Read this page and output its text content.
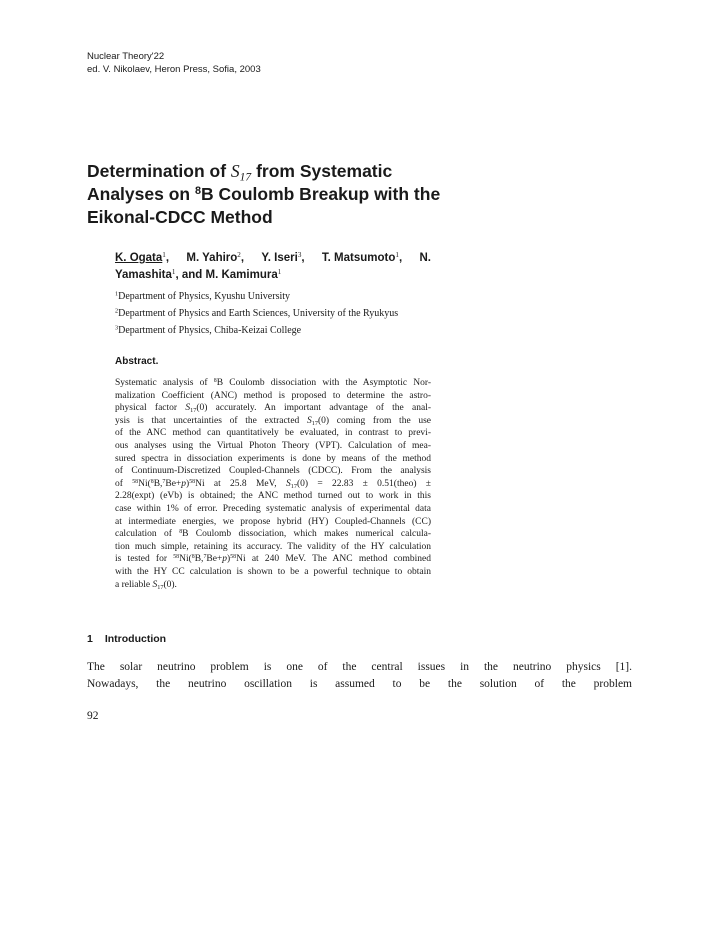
Nuclear Theory'22
ed. V. Nikolaev, Heron Press, Sofia, 2003
Determination of $S_{17}$ from Systematic
Analyses on $^8$B Coulomb Breakup with the
Eikonal-CDCC Method
K. Ogata$^1$, M. Yahiro$^2$, Y. Iseri$^3$, T. Matsumoto$^1$, N.
Yamashita$^1$, and M. Kamimura$^1$
$^1$Department of Physics, Kyushu University
$^2$Department of Physics and Earth Sciences, University of the Ryukyus
$^3$Department of Physics, Chiba-Keizai College
Abstract.
Systematic analysis of $^8$B Coulomb dissociation with the Asymptotic Nor-
malization Coefficient (ANC) method is proposed to determine the astro-
physical factor $S_{17}(0)$ accurately. An important advantage of the anal-
ysis is that uncertainties of the extracted $S_{17}(0)$ coming from the use
of the ANC method can quantitatively be evaluated, in contrast to previ-
ous analyses using the Virtual Photon Theory (VPT). Calculation of mea-
sured spectra in dissociation experiments is done by means of the method
of Continuum-Discretized Coupled-Channels (CDCC). From the analysis
of $^{58}Ni(^8B,^7Be+p)^{58}Ni$ at 25.8 MeV, $S_{17}(0) = 22.83$ ± 0.51(theo) ±
2.28(expt) (eVb) is obtained; the ANC method turned out to work in this
case within 1% of error. Preceding systematic analysis of experimental data
at intermediate energies, we propose hybrid (HY) Coupled-Channels (CC)
calculation of $^8$B Coulomb dissociation, which makes numerical calcula-
tion much simple, retaining its accuracy. The validity of the HY calculation
is tested for $^{58}Ni(^8B,^7Be+p)^{58}Ni$ at 240 MeV. The ANC method combined
with the HY CC calculation is shown to be a powerful technique to obtain
a reliable $S_{17}(0)$.
1 Introduction
The solar neutrino problem is one of the central issues in the neutrino physics [1].
Nowadays, the neutrino oscillation is assumed to be the solution of the problem
92
